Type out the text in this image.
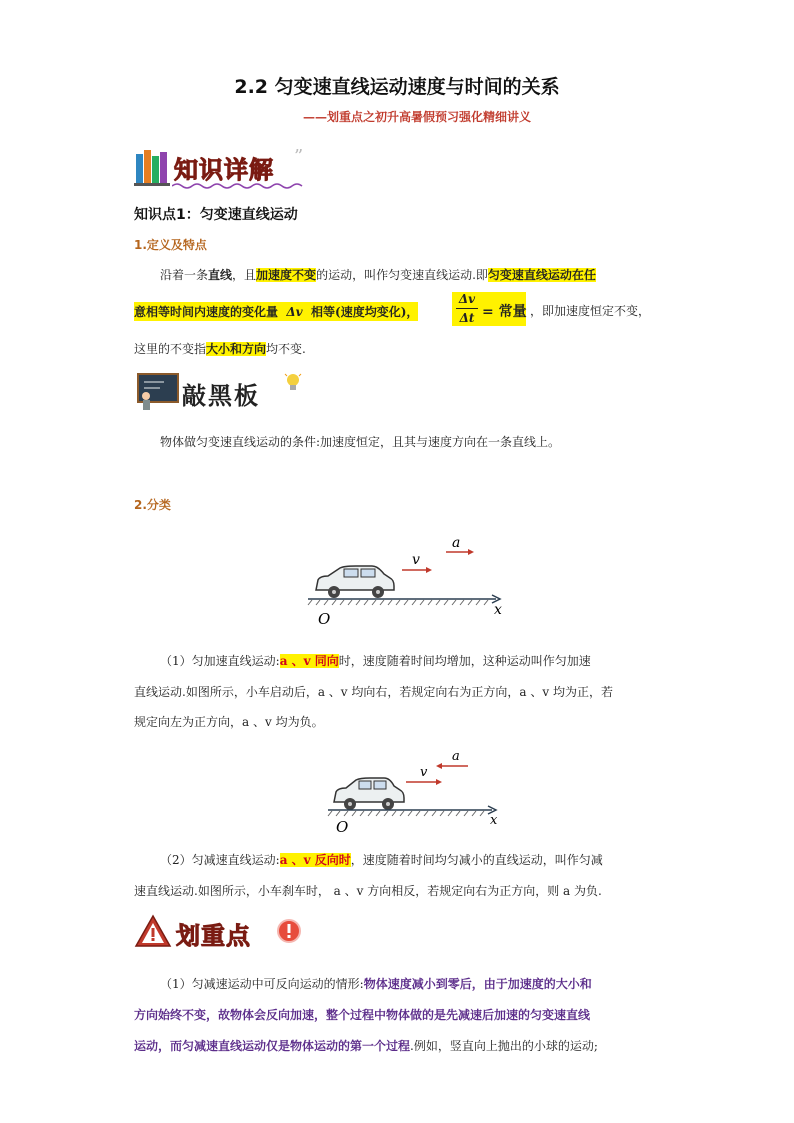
2.2 匀变速直线运动速度与时间的关系
——划重点之初升高暑假预习强化精细讲义
知识详解 ”
知识点1：匀变速直线运动
1.定义及特点
沿着一条直线，且加速度不变的运动，叫作匀变速直线运动.即匀变速直线运动在任
意相等时间内速度的变化量 Δv 相等(速度均变化)，
Δv
Δt = 常量 ，即加速度恒定不变，
这里的不变指大小和方向均不变.
敲黑板
物体做匀变速直线运动的条件:加速度恒定，且其与速度方向在一条直线上。
2.分类
v
a
x
O
（1）匀加速直线运动:a 、v 同向时，速度随着时间均增加，这种运动叫作匀加速
直线运动.如图所示，小车启动后，a 、v 均向右，若规定向右为正方向，a 、v 均为正，若
规定向左为正方向，a 、v 均为负。
v
a
x
O
（2）匀减速直线运动:a 、v 反向时，速度随着时间均匀减小的直线运动，叫作匀减
速直线运动.如图所示，小车刹车时， a 、v 方向相反，若规定向右为正方向，则 a 为负.
划重点
（1）匀减速运动中可反向运动的情形:物体速度减小到零后，由于加速度的大小和
方向始终不变，故物体会反向加速，整个过程中物体做的是先减速后加速的匀变速直线
运动，而匀减速直线运动仅是物体运动的第一个过程.例如，竖直向上抛出的小球的运动;
